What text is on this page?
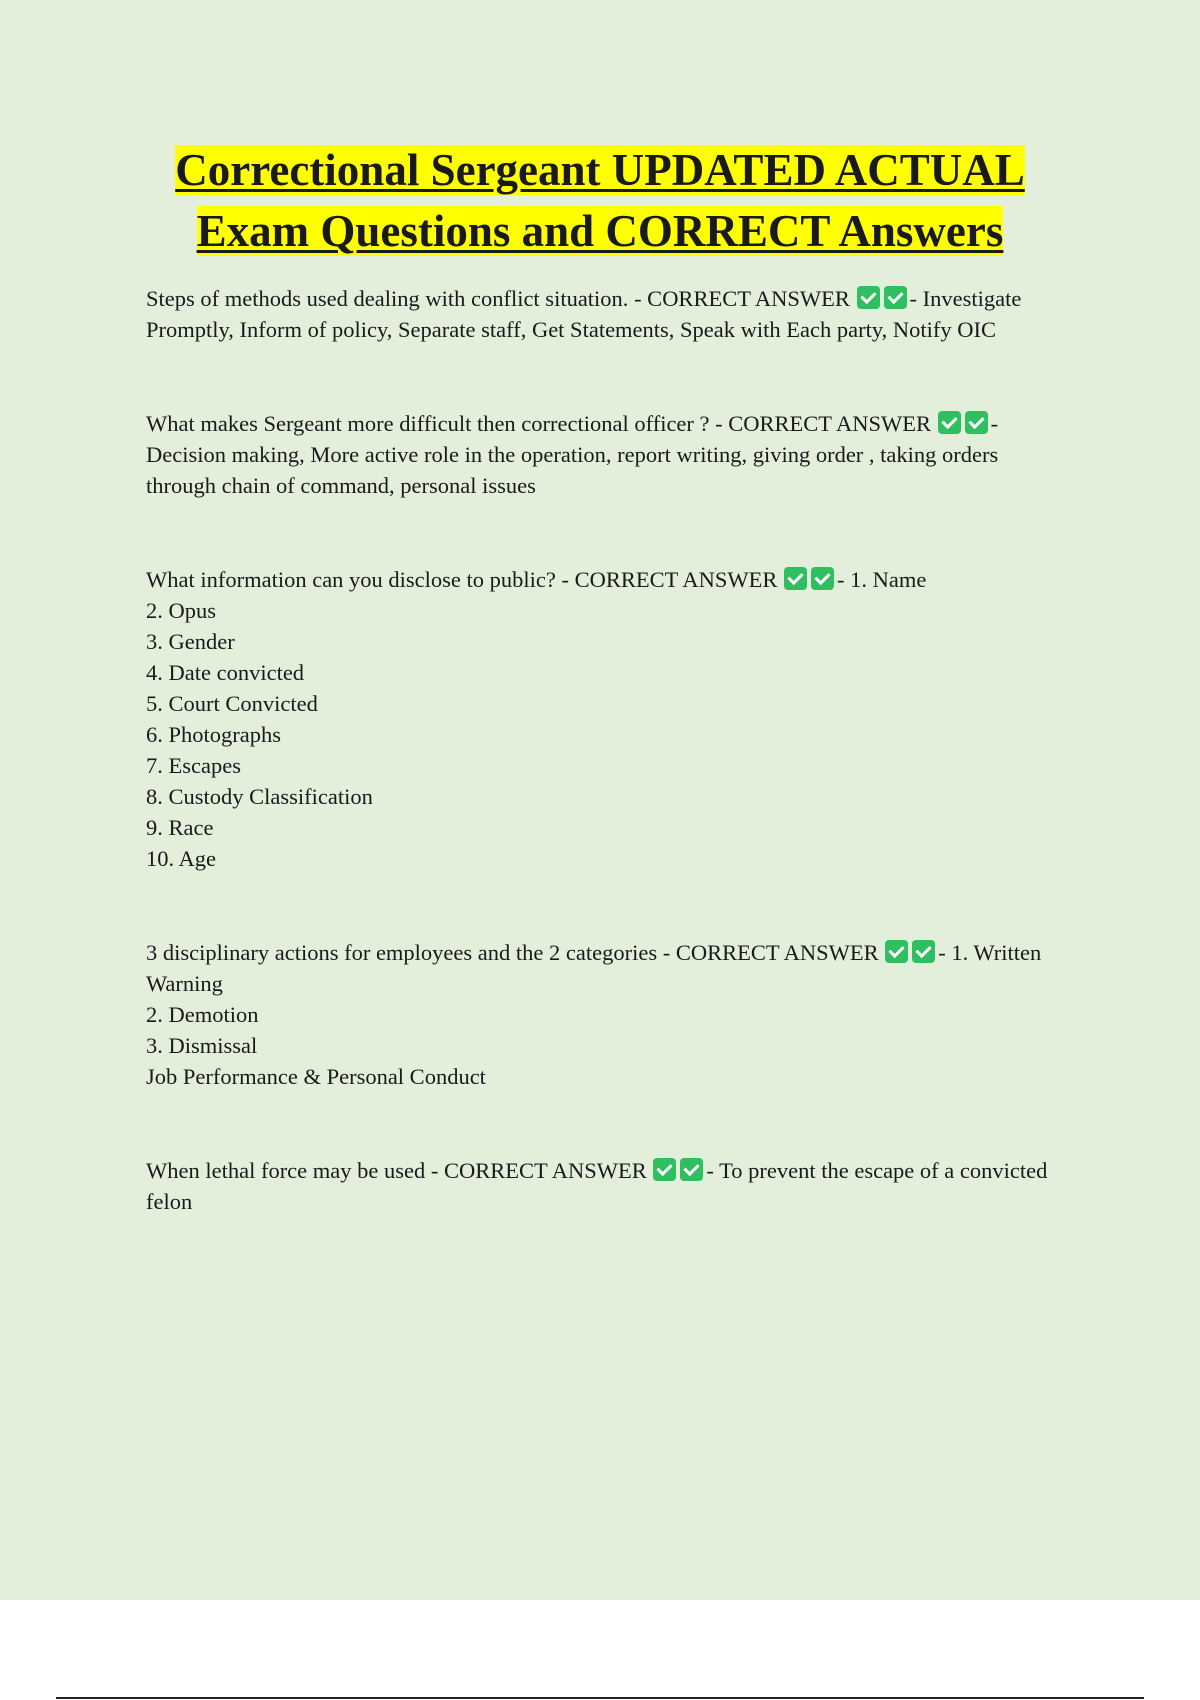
Correctional Sergeant UPDATED ACTUAL
Exam Questions and CORRECT Answers

Steps of methods used dealing with conflict situation. - CORRECT ANSWER	- Investigate Promptly, Inform of policy, Separate staff, Get Statements, Speak with Each party, Notify OIC

What makes Sergeant more difficult then correctional officer ? - CORRECT ANSWER	- Decision making, More active role in the operation, report writing, giving order , taking orders through chain of command, personal issues

What information can you disclose to public? - CORRECT ANSWER	- 1. Name

2. Opus

3. Gender

4. Date convicted

5. Court Convicted

6. Photographs

7. Escapes

8. Custody Classification

9. Race

10. Age

3 disciplinary actions for employees and the 2 categories - CORRECT ANSWER	- 1. Written Warning

2. Demotion

3. Dismissal

Job Performance & Personal Conduct

When lethal force may be used - CORRECT ANSWER	- To prevent the escape of a convicted felon
